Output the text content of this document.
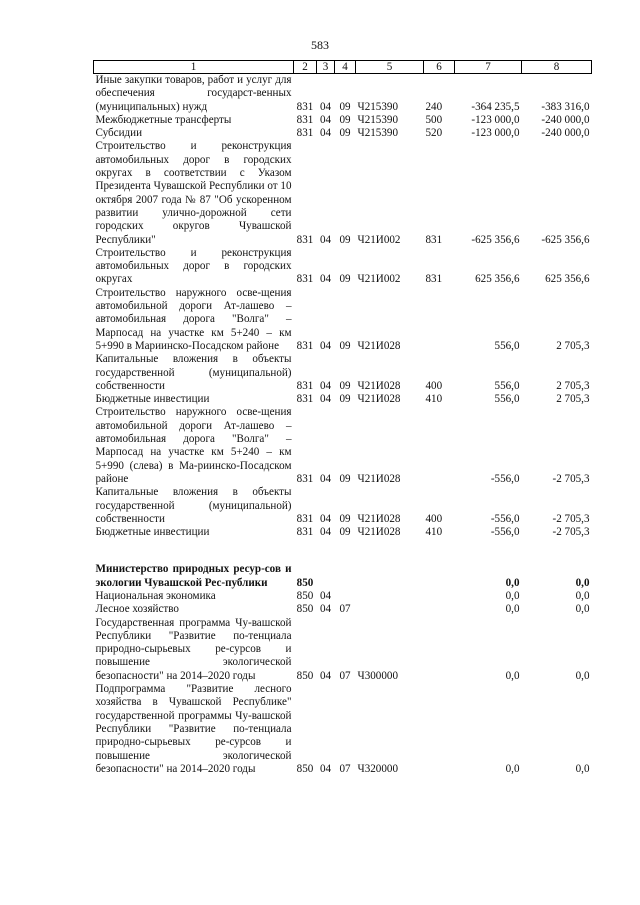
583
1	2	3	4	5	6	7	8
Иные закупки товаров, работ и услуг для обеспечения государст-венных (муниципальных) нужд	831	04	09	Ч215390	240	-364 235,5	-383 316,0
Межбюджетные трансферты	831	04	09	Ч215390	500	-123 000,0	-240 000,0
Субсидии	831	04	09	Ч215390	520	-123 000,0	-240 000,0
Строительство и реконструкция автомобильных дорог в городских округах в соответствии с Указом Президента Чувашской Республики от 10 октября 2007 года № 87 "Об ускоренном развитии улично-дорожной сети городских округов Чувашской Республики"	831	04	09	Ч21И002	831	-625 356,6	-625 356,6
Строительство и реконструкция автомобильных дорог в городских округах	831	04	09	Ч21И002	831	625 356,6	625 356,6
Строительство наружного осве-щения автомобильной дороги Ат-лашево – автомобильная дорога "Волга" – Марпосад на участке км 5+240 – км 5+990 в Мариинско-Посадском районе	831	04	09	Ч21И028		556,0	2 705,3
Капитальные вложения в объекты государственной (муниципальной) собственности	831	04	09	Ч21И028	400	556,0	2 705,3
Бюджетные инвестиции	831	04	09	Ч21И028	410	556,0	2 705,3
Строительство наружного осве-щения автомобильной дороги Ат-лашево – автомобильная дорога "Волга" – Марпосад на участке км 5+240 – км 5+990 (слева) в Ма-риинско-Посадском районе	831	04	09	Ч21И028		-556,0	-2 705,3
Капитальные вложения в объекты государственной (муниципальной) собственности	831	04	09	Ч21И028	400	-556,0	-2 705,3
Бюджетные инвестиции	831	04	09	Ч21И028	410	-556,0	-2 705,3

Министерство природных ресур-сов и экологии Чувашской Рес-публики	850					0,0	0,0
Национальная экономика	850	04				0,0	0,0
Лесное хозяйство	850	04	07			0,0	0,0
Государственная программа Чу-вашской Республики "Развитие по-тенциала природно-сырьевых ре-сурсов и повышение экологической безопасности" на 2014–2020 годы	850	04	07	Ч300000		0,0	0,0
Подпрограмма "Развитие лесного хозяйства в Чувашской Республике" государственной программы Чу-вашской Республики "Развитие по-тенциала природно-сырьевых ре-сурсов и повышение экологической безопасности" на 2014–2020 годы	850	04	07	Ч320000		0,0	0,0
